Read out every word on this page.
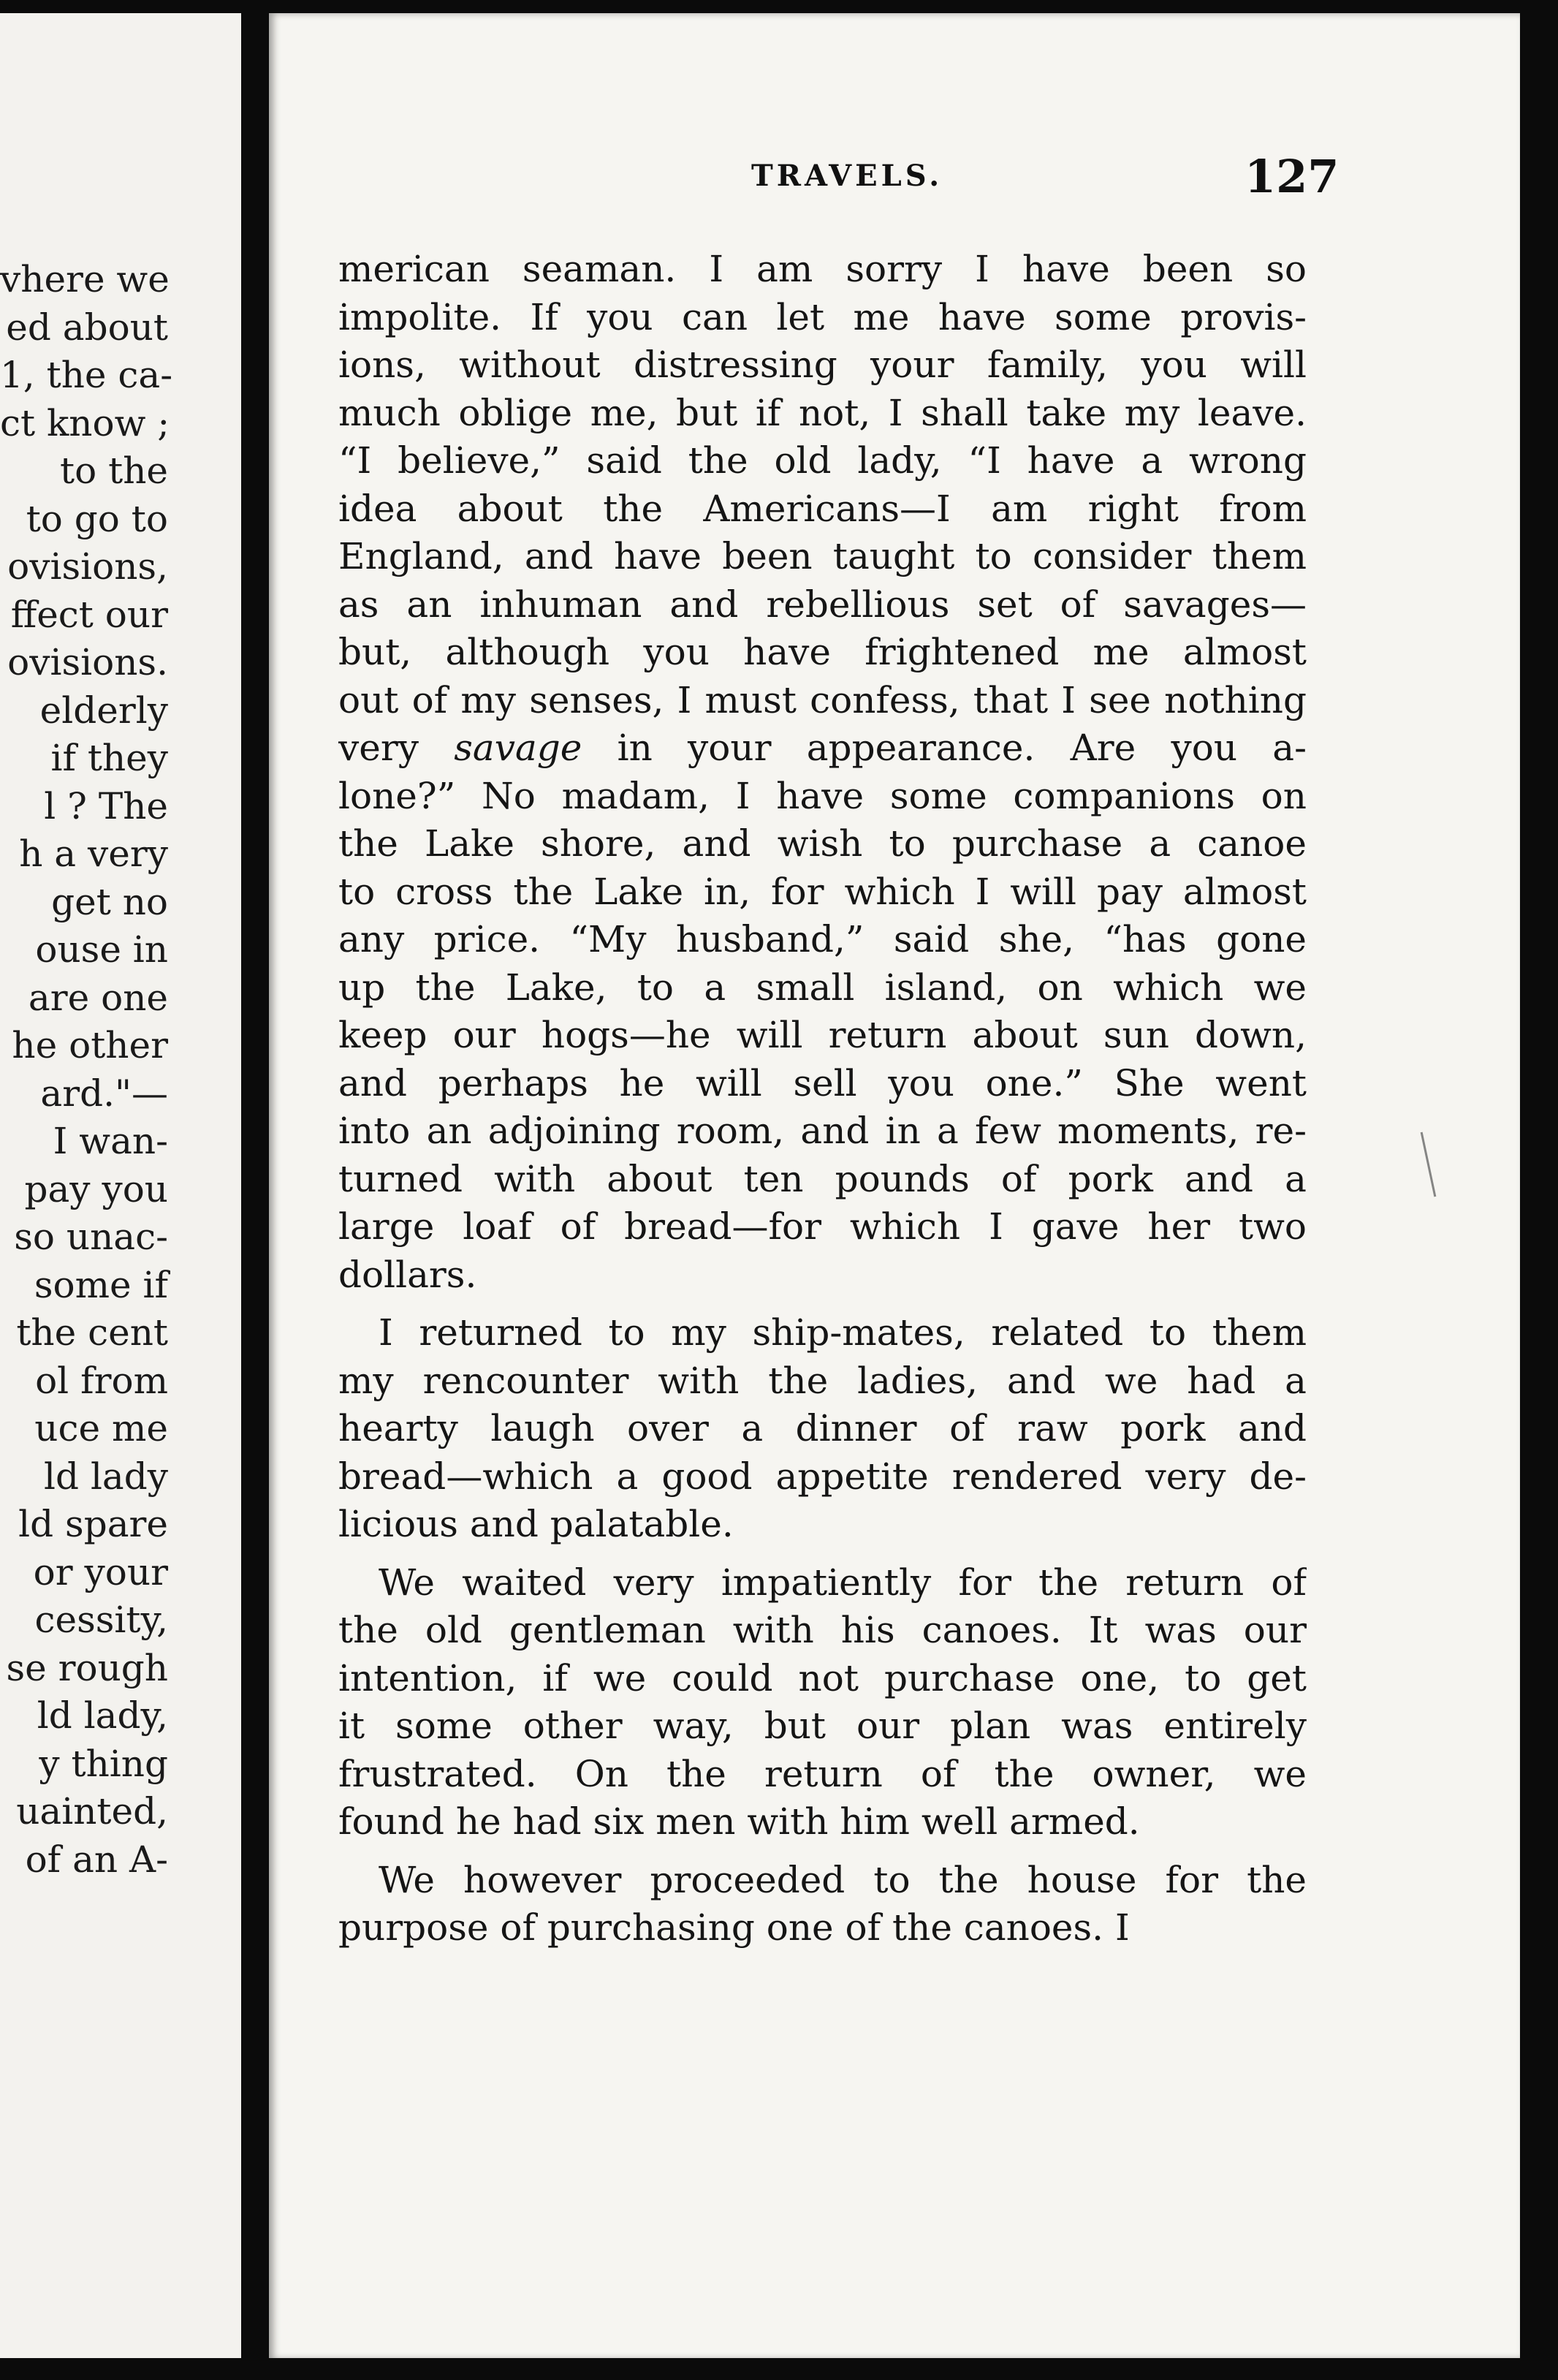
vhere we
ed about
1, the ca-
ct know ;
to the
to go to
ovisions,
ffect our
ovisions.
elderly
if they
l ? The
h a very
get no
ouse in
are one
he other
ard."—
I wan-
pay you
so unac-
some if
the cent
ol from
uce me
ld lady
ld spare
or your
cessity,
se rough
ld lady,
y thing
uainted,
of an A-
TRAVELS.	127

merican seaman. I am sorry I have been so
impolite. If you can let me have some provis-
ions, without distressing your family, you will
much oblige me, but if not, I shall take my leave.
“I believe,” said the old lady, “I have a wrong
idea about the Americans—I am right from
England, and have been taught to consider them
as an inhuman and rebellious set of savages—
but, although you have frightened me almost
out of my senses, I must confess, that I see nothing
very savage in your appearance. Are you a-
lone?” No madam, I have some companions on
the Lake shore, and wish to purchase a canoe
to cross the Lake in, for which I will pay almost
any price. “My husband,” said she, “has gone
up the Lake, to a small island, on which we
keep our hogs—he will return about sun down,
and perhaps he will sell you one.” She went
into an adjoining room, and in a few moments, re-
turned with about ten pounds of pork and a
large loaf of bread—for which I gave her two
dollars.

I returned to my ship-mates, related to them
my rencounter with the ladies, and we had a
hearty laugh over a dinner of raw pork and
bread—which a good appetite rendered very de-
licious and palatable.

We waited very impatiently for the return of
the old gentleman with his canoes. It was our
intention, if we could not purchase one, to get
it some other way, but our plan was entirely
frustrated. On the return of the owner, we
found he had six men with him well armed.

We however proceeded to the house for the
purpose of purchasing one of the canoes. I
